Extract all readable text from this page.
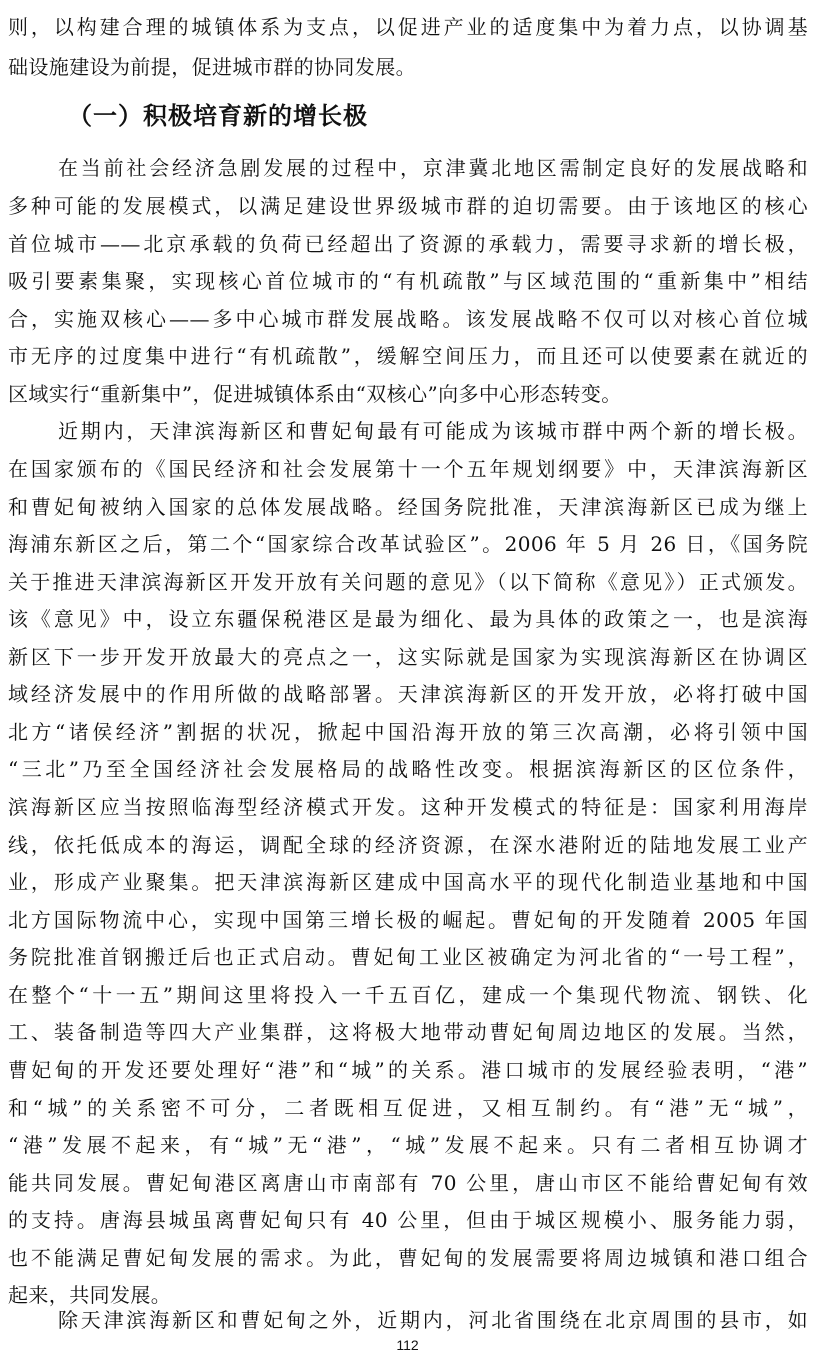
则，以构建合理的城镇体系为支点，以促进产业的适度集中为着力点，以协调基
础设施建设为前提，促进城市群的协同发展。
（一）积极培育新的增长极
在当前社会经济急剧发展的过程中，京津冀北地区需制定良好的发展战略和
多种可能的发展模式，以满足建设世界级城市群的迫切需要。由于该地区的核心
首位城市——北京承载的负荷已经超出了资源的承载力，需要寻求新的增长极，
吸引要素集聚，实现核心首位城市的“有机疏散”与区域范围的“重新集中”相结
合，实施双核心——多中心城市群发展战略。该发展战略不仅可以对核心首位城
市无序的过度集中进行“有机疏散”，缓解空间压力，而且还可以使要素在就近的
区域实行“重新集中”，促进城镇体系由“双核心”向多中心形态转变。
近期内，天津滨海新区和曹妃甸最有可能成为该城市群中两个新的增长极。
在国家颁布的《国民经济和社会发展第十一个五年规划纲要》中，天津滨海新区
和曹妃甸被纳入国家的总体发展战略。经国务院批准，天津滨海新区已成为继上
海浦东新区之后，第二个“国家综合改革试验区”。2006 年 5 月 26 日，《国务院
关于推进天津滨海新区开发开放有关问题的意见》（以下简称《意见》）正式颁发。
该《意见》中，设立东疆保税港区是最为细化、最为具体的政策之一，也是滨海
新区下一步开发开放最大的亮点之一，这实际就是国家为实现滨海新区在协调区
域经济发展中的作用所做的战略部署。天津滨海新区的开发开放，必将打破中国
北方“诸侯经济”割据的状况，掀起中国沿海开放的第三次高潮，必将引领中国
“三北”乃至全国经济社会发展格局的战略性改变。根据滨海新区的区位条件，
滨海新区应当按照临海型经济模式开发。这种开发模式的特征是：国家利用海岸
线，依托低成本的海运，调配全球的经济资源，在深水港附近的陆地发展工业产
业，形成产业聚集。把天津滨海新区建成中国高水平的现代化制造业基地和中国
北方国际物流中心，实现中国第三增长极的崛起。曹妃甸的开发随着 2005 年国
务院批准首钢搬迁后也正式启动。曹妃甸工业区被确定为河北省的“一号工程”，
在整个“十一五”期间这里将投入一千五百亿，建成一个集现代物流、钢铁、化
工、装备制造等四大产业集群，这将极大地带动曹妃甸周边地区的发展。当然，
曹妃甸的开发还要处理好“港”和“城”的关系。港口城市的发展经验表明，“港”
和“城”的关系密不可分，二者既相互促进，又相互制约。有“港”无“城”，
“港”发展不起来，有“城”无“港”，“城”发展不起来。只有二者相互协调才
能共同发展。曹妃甸港区离唐山市南部有 70 公里，唐山市区不能给曹妃甸有效
的支持。唐海县城虽离曹妃甸只有 40 公里，但由于城区规模小、服务能力弱，
也不能满足曹妃甸发展的需求。为此，曹妃甸的发展需要将周边城镇和港口组合
起来，共同发展。
除天津滨海新区和曹妃甸之外，近期内，河北省围绕在北京周围的县市，如
112
